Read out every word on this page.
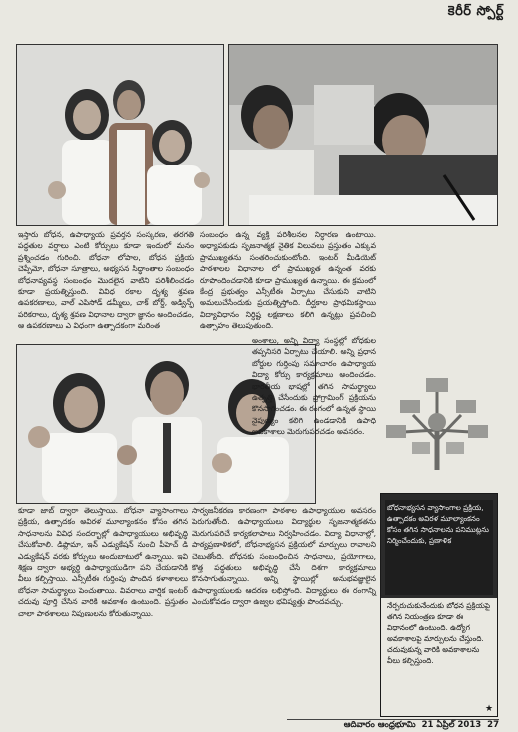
కెరీర్ స్పోర్ట్
ఇస్తారు బోధన, ఉపాధ్యాయ ప్రవర్తన సంస్కరణ, తరగతి పద్ధతుల వర్షాలు ఎంటి కోర్సులు కూడా ఇందులో మనం ప్రశ్నించడం గురించి. బోధనా లోపాల, బోధన ప్రక్రియ చెప్పేమో, బోధనా సూత్రాలు, అభ్యసన సిద్ధాంతాల సంబంధం బోధనావ్యవస్థ సంబంధం మొదలైన వాటిని పరిశీలించడం కూడా ప్రయత్నిస్తుంది. వివిధ రకాల దృశ్య శ్రవణ ఉపకరణాలు, వాల్ ఎపిసోడ్ డమ్మీలు, చాక్ బోర్డ్, అడ్విన్ఫ్ పరికరాలు, దృశ్య శ్రవణ విధానాల ద్వారా జ్ఞానం అందించడం, ఆ ఉపకరణాలు ఎ విధంగా ఉత్పాదకంగా మరింత
సంబంధం ఉన్న వ్యక్తి పరిశీలనల నిర్ధారణ ఉంటాయి. అధ్యాపకుడు సృజనాత్మక నైతిక విలువలు ప్రస్తుతం ఎక్కువ ప్రాముఖ్యతను సంతరించుకుంటోంది. ఇంటర్ మీడియెట్ పాఠశాలల విధానాల లో ప్రాముఖ్యత ఉన్నంత వరకు రూపొందించడానికి కూడా ప్రాముఖ్యత ఉన్నాయి. ఈ క్రమంలో కేంద్ర ప్రభుత్వం ఎన్సీటీఈ ఏర్పాటు చేసుకుని వాటిని అమలుచేసేందుకు ప్రయత్నిస్తోంది. దీర్ఘకాల ప్రాథమికస్థాయి విద్యావిధానం నిర్ధిష్ట లక్షణాలు కలిగి ఉన్నట్లు ప్రవచించి ఉత్సాహం తెలుపుతుంది.
అంశాలు, అన్ని విద్యా సంస్థల్లో బోధకుల తప్పనిసరి ఏర్పాటు చేయాలి. అన్ని ప్రధాన బోర్డుల గుర్తింపు సమాచారం ఉపాధ్యాయ విద్యా కోర్సు కార్యక్రమాలు అందించడం. భారతీయ భాషల్లో తగిన సామర్థ్యాలు ఉత్పత్తి చేసేందుకు ప్రోగ్రామింగ్ ప్రక్రియను కొనసాగించడం. ఈ రంగంలో ఉన్నత స్థాయి నైపుణ్యం కలిగి ఉండడానికి ఉపాధి అవకాశాలు మెరుగుపరచడం అవసరం.
కూడా జాబ్ ద్వారా తెలుస్తాయి. బోధనా వ్యాసాంగాలు ప్రక్రియ, ఉత్పాదకం అవిరళ మూల్యాంకనం కోసం తగిన సాధనాలను వివిధ సందర్భాల్లో ఉపాధ్యాయులు అభివృద్ధి చేసుకోవాలి. డిప్లొమా, ఇన్ ఎడ్యుకేషన్ నుంచి పీహెచ్ డి ఎడ్యుకేషన్ వరకు కోర్సులు అందుబాటులో ఉన్నాయి. ఇవి శిక్షణ ద్వారా అభ్యర్థి ఉపాధ్యాయుడిగా పని చేయడానికి వీలు కల్పిస్తాయి. ఎన్సీటీఈ గుర్తింపు పొందిన కళాశాలలు బోధనా సామర్థ్యాలు పెంచుతాయి. వివరాలు వార్షిక ఇంటర్ చదువు పూర్తి చేసిన వారికి అవకాశం ఉంటుంది. ప్రస్తుతం చాలా పాఠశాలలు నిపుణులను కోరుతున్నాయి.
సార్వజనీకరణ కారణంగా పాఠశాల ఉపాధ్యాయుల అవసరం పెరుగుతోంది. ఉపాధ్యాయులు విద్యార్థుల సృజనాత్మకతను మెరుగుపరిచే కార్యకలాపాలు నిర్వహించడం. విద్యా విధానాల్లో, పాఠ్యప్రణాళికలో, బోధనాభ్యసన ప్రక్రియలో మార్పులు రావాలని చెబుతోంది. బోధనకు సంబంధించిన సాధనాలు, ప్రయోగాలు, కొత్త పద్ధతులు అభివృద్ధి చేసే దిశగా కార్యక్రమాలు కొనసాగుతున్నాయి. అన్ని స్థాయిల్లో అనుభవజ్ఞులైన ఉపాధ్యాయులకు ఆదరణ లభిస్తోంది. విద్యార్థులు ఈ రంగాన్ని ఎంచుకోవడం ద్వారా ఉజ్వల భవిష్యత్తు పొందవచ్చు.
బోధనాభ్యసన వ్యాసాంగాల ప్రక్రియ, ఉత్పాదకం అవిరళ మూల్యాంకనం కోసం తగిన సాధనాలను పనిముట్లను నిర్మించేందుకు, ప్రణాళిక
నేర్పరుచుకునేందుకు బోధన ప్రక్రియపై తగిన నియంత్రణ కూడా ఈ విధానంలో ఉంటుంది. ఉద్యోగ అవకాశాలపై మార్పులను చేస్తుంది. చదువుకున్న వారికి అవకాశాలను వీలు కల్పిస్తుంది.
★
ఆదివారం ఆంధ్రభూమి 21 ఏప్రిల్ 2013 27
